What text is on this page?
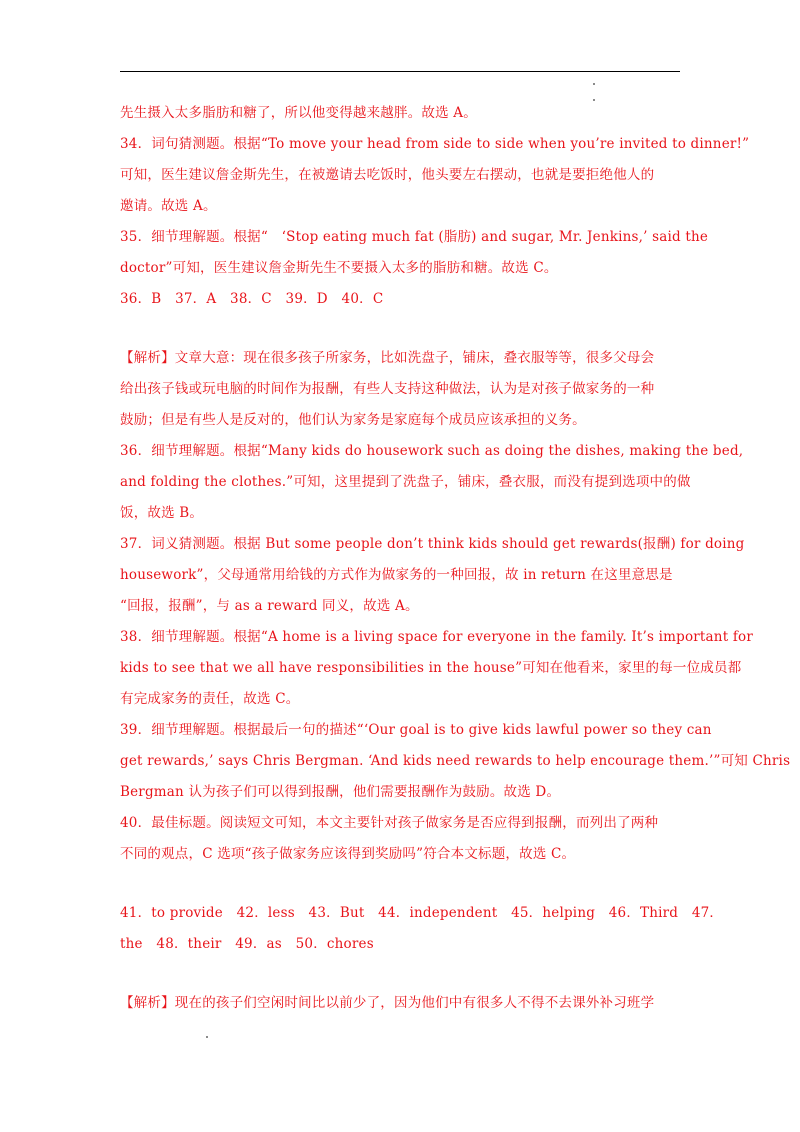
先生摄入太多脂肪和糖了，所以他变得越来越胖。故选 A。
34．词句猜测题。根据“To move your head from side to side when you’re invited to dinner!”
可知，医生建议詹金斯先生，在被邀请去吃饭时，他头要左右摆动，也就是要拒绝他人的
邀请。故选 A。
35．细节理解题。根据“　‘Stop eating much fat (脂肪) and sugar, Mr. Jenkins,’ said the
doctor”可知，医生建议詹金斯先生不要摄入太多的脂肪和糖。故选 C。
36．B　37．A　38．C　39．D　40．C
【解析】文章大意：现在很多孩子所家务，比如洗盘子，铺床，叠衣服等等，很多父母会
给出孩子钱或玩电脑的时间作为报酬，有些人支持这种做法，认为是对孩子做家务的一种
鼓励；但是有些人是反对的，他们认为家务是家庭每个成员应该承担的义务。
36．细节理解题。根据“Many kids do housework such as doing the dishes, making the bed,
and folding the clothes.”可知，这里提到了洗盘子，铺床，叠衣服，而没有提到选项中的做
饭，故选 B。
37．词义猜测题。根据 But some people don’t think kids should get rewards(报酬) for doing
housework”，父母通常用给钱的方式作为做家务的一种回报，故 in return 在这里意思是
“回报，报酬”，与 as a reward 同义，故选 A。
38．细节理解题。根据“A home is a living space for everyone in the family. It’s important for
kids to see that we all have responsibilities in the house”可知在他看来，家里的每一位成员都
有完成家务的责任，故选 C。
39．细节理解题。根据最后一句的描述“‘Our goal is to give kids lawful power so they can
get rewards,’ says Chris Bergman. ‘And kids need rewards to help encourage them.’”可知 Chris
Bergman 认为孩子们可以得到报酬，他们需要报酬作为鼓励。故选 D。
40．最佳标题。阅读短文可知，本文主要针对孩子做家务是否应得到报酬，而列出了两种
不同的观点，C 选项“孩子做家务应该得到奖励吗”符合本文标题，故选 C。
41．to provide　42．less　43．But　44．independent　45．helping　46．Third　47．
the　48．their　49．as　50．chores
【解析】现在的孩子们空闲时间比以前少了，因为他们中有很多人不得不去课外补习班学
